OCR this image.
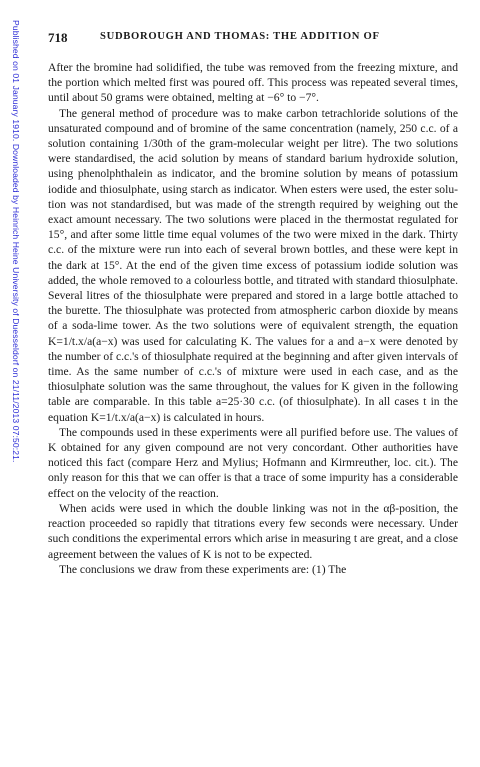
Published on 01 January 1910. Downloaded by Heinrich Heine University of Duesseldorf on 21/11/2013 07:50:21. 718	SUDBOROUGH AND THOMAS: THE ADDITION OF

After the bromine had solidified, the tube was removed from the freezing mixture, and the portion which melted first was poured off. This process was repeated several times, until about 50 grams were obtained, melting at −6° to −7°.

The general method of procedure was to make carbon tetrachloride solutions of the unsaturated compound and of bromine of the same concentration (namely, 250 c.c. of a solution containing 1/30th of the gram-molecular weight per litre). The two solutions were standardised, the acid solution by means of standard barium hydroxide solution, using phenolphthalein as indicator, and the bromine solution by means of potassium iodide and thiosulphate, using starch as indicator. When esters were used, the ester solution was not standardised, but was made of the strength required by weighing out the exact amount necessary. The two solutions were placed in the thermostat regulated for 15°, and after some little time equal volumes of the two were mixed in the dark. Thirty c.c. of the mixture were run into each of several brown bottles, and these were kept in the dark at 15°. At the end of the given time excess of potassium iodide solution was added, the whole removed to a colourless bottle, and titrated with standard thiosulphate. Several litres of the thiosulphate were prepared and stored in a large bottle attached to the burette. The thiosulphate was protected from atmospheric carbon dioxide by means of a soda-lime tower. As the two solutions were of equivalent strength, the equation K=1/t.x/a(a−x) was used for calculating K. The values for a and a−x were denoted by the number of c.c.'s of thiosulphate required at the beginning and after given intervals of time. As the same number of c.c.'s of mixture were used in each case, and as the thiosulphate solution was the same throughout, the values for K given in the following table are comparable. In this table a=25·30 c.c. (of thiosulphate). In all cases t in the equation K=1/t.x/a(a−x) is calculated in hours.

The compounds used in these experiments were all purified before use. The values of K obtained for any given compound are not very concordant. Other authorities have noticed this fact (compare Herz and Mylius; Hofmann and Kirmreuther, loc. cit.). The only reason for this that we can offer is that a trace of some impurity has a considerable effect on the velocity of the reaction.

When acids were used in which the double linking was not in the αβ-position, the reaction proceeded so rapidly that titrations every few seconds were necessary. Under such conditions the experimental errors which arise in measuring t are great, and a close agreement between the values of K is not to be expected.

The conclusions we draw from these experiments are: (1) The
